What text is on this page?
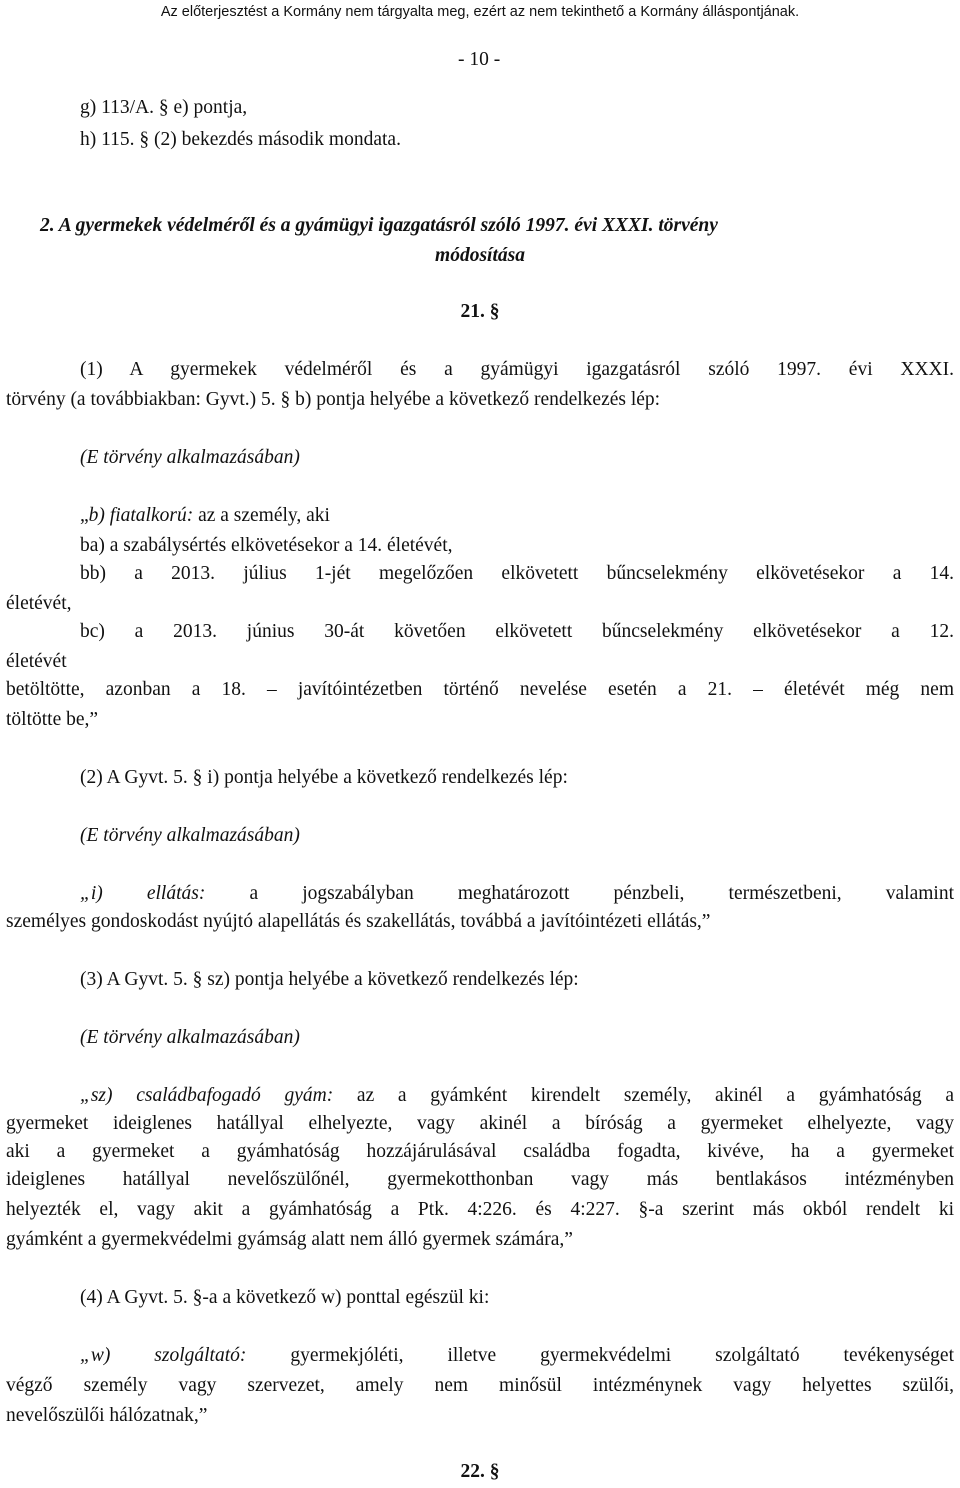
Az előterjesztést a Kormány nem tárgyalta meg, ezért az nem tekinthető a Kormány álláspontjának.
- 10 -
g) 113/A. § e) pontja,
h) 115. § (2) bekezdés második mondata.
2. A gyermekek védelméről és a gyámügyi igazgatásról szóló 1997. évi XXXI. törvény
módosítása
21. §
(1) A gyermekek védelméről és a gyámügyi igazgatásról szóló 1997. évi XXXI.
törvény (a továbbiakban: Gyvt.) 5. § b) pontja helyébe a következő rendelkezés lép:
(E törvény alkalmazásában)
„b) fiatalkorú: az a személy, aki
ba) a szabálysértés elkövetésekor a 14. életévét,
bb) a 2013. július 1-jét megelőzően elkövetett bűncselekmény elkövetésekor a 14.
életévét,
bc) a 2013. június 30-át követően elkövetett bűncselekmény elkövetésekor a 12.
életévét
betöltötte, azonban a 18. – javítóintézetben történő nevelése esetén a 21. – életévét még nem
töltötte be,”
(2) A Gyvt. 5. § i) pontja helyébe a következő rendelkezés lép:
(E törvény alkalmazásában)
„i) ellátás: a jogszabályban meghatározott pénzbeli, természetbeni, valamint
személyes gondoskodást nyújtó alapellátás és szakellátás, továbbá a javítóintézeti ellátás,”
(3) A Gyvt. 5. § sz) pontja helyébe a következő rendelkezés lép:
(E törvény alkalmazásában)
„sz) családbafogadó gyám: az a gyámként kirendelt személy, akinél a gyámhatóság a
gyermeket ideiglenes hatállyal elhelyezte, vagy akinél a bíróság a gyermeket elhelyezte, vagy
aki a gyermeket a gyámhatóság hozzájárulásával családba fogadta, kivéve, ha a gyermeket
ideiglenes hatállyal nevelőszülőnél, gyermekotthonban vagy más bentlakásos intézményben
helyezték el, vagy akit a gyámhatóság a Ptk. 4:226. és 4:227. §-a szerint más okból rendelt ki
gyámként a gyermekvédelmi gyámság alatt nem álló gyermek számára,”
(4) A Gyvt. 5. §-a a következő w) ponttal egészül ki:
„w) szolgáltató: gyermekjóléti, illetve gyermekvédelmi szolgáltató tevékenységet
végző személy vagy szervezet, amely nem minősül intézménynek vagy helyettes szülői,
nevelőszülői hálózatnak,”
22. §
